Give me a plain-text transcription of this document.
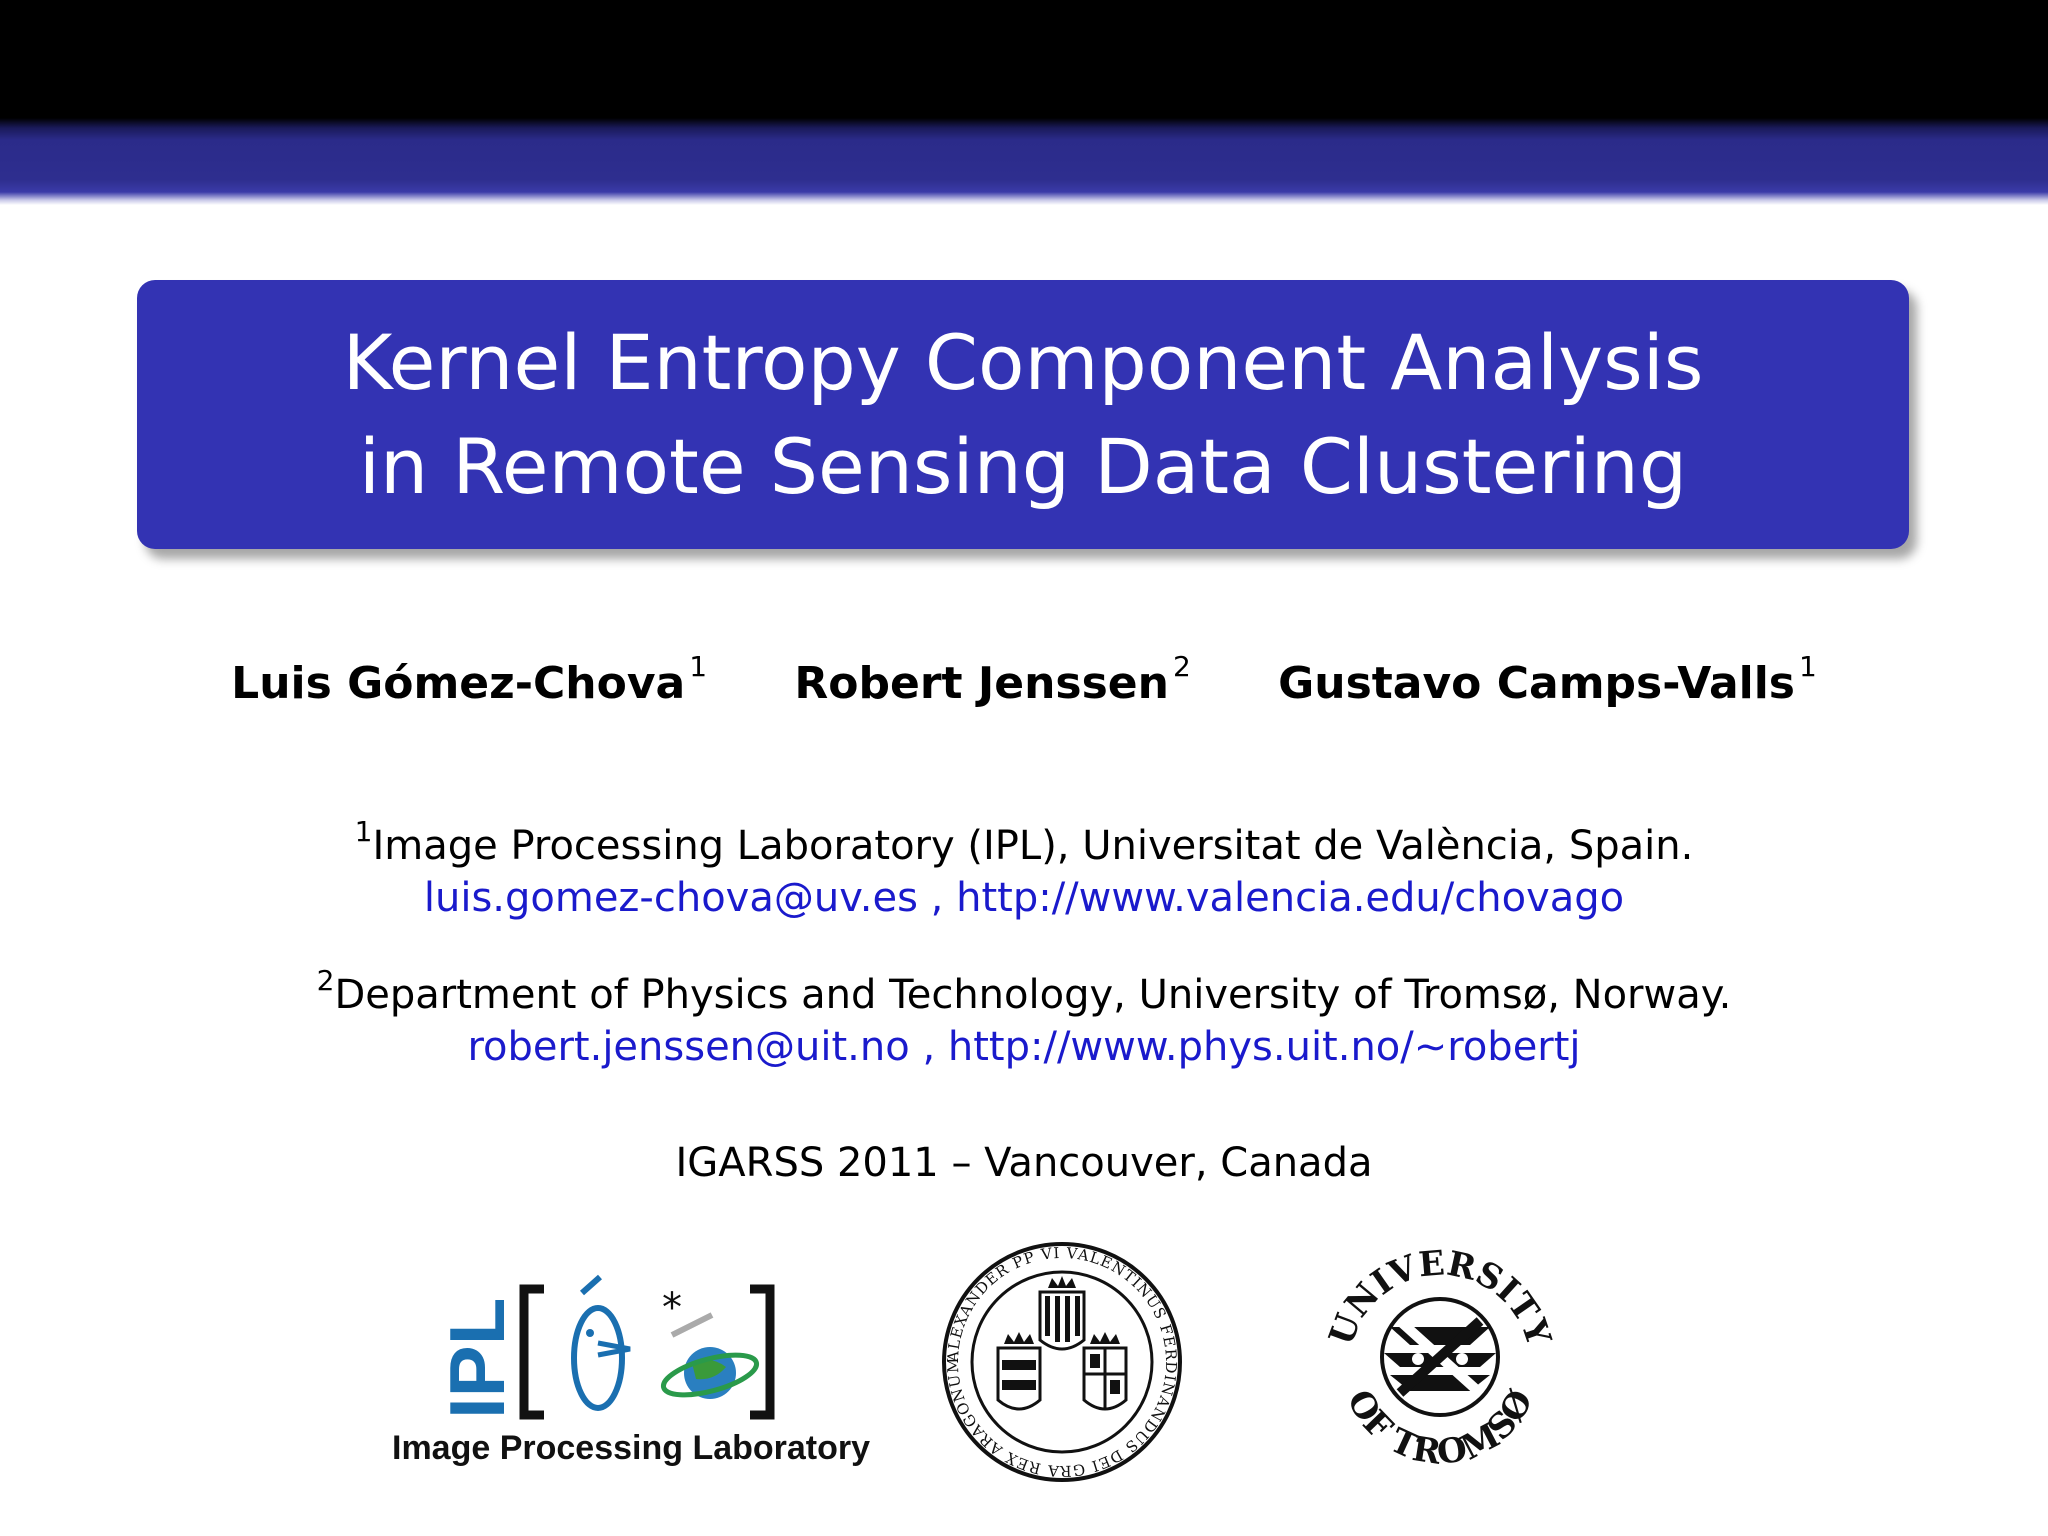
Kernel Entropy Component Analysis
in Remote Sensing Data Clustering
Luis Gómez-Chova $^1$ Robert Jenssen $^2$ Gustavo Camps-Valls $^1$
$^1$Image Processing Laboratory (IPL), Universitat de València, Spain.
luis.gomez-chova@uv.es , http://www.valencia.edu/chovago
$^2$Department of Physics and Technology, University of Tromsø, Norway.
robert.jenssen@uit.no , http://www.phys.uit.no/∼robertj
IGARSS 2011 – Vancouver, Canada
IPL	*
Image Processing Laboratory
ALEXANDER PP VI VALENTINUS FERDINANDUS DEI GRA REX ARAGONUM
UNIVERSITY
OF TROMSØ
